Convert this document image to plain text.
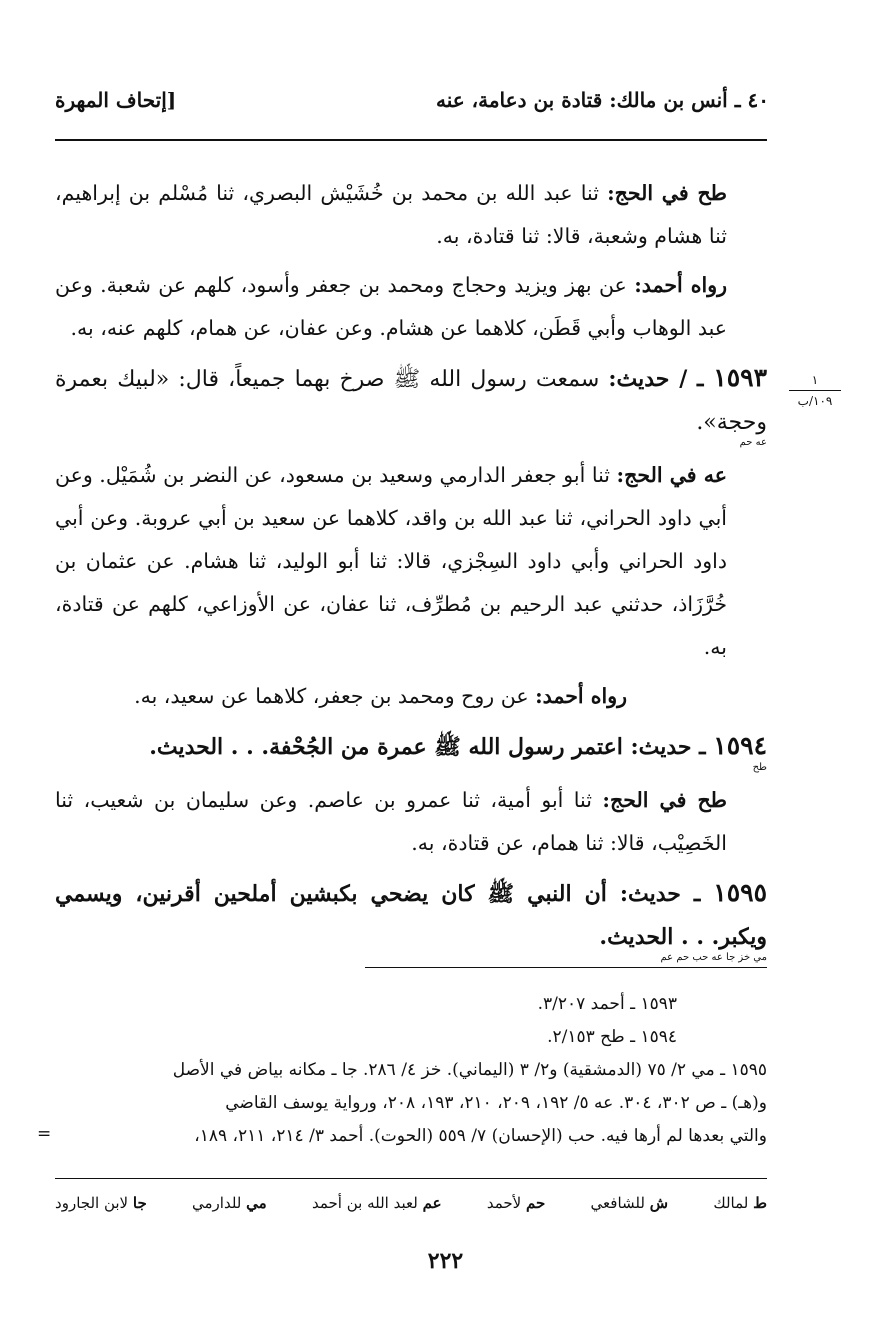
٤٠ ـ أنس بن مالك: قتادة بن دعامة، عنه
[إتحاف المهرة
١
١٠٩/ب

طح في الحج: ثنا عبد الله بن محمد بن خُشَيْش البصري، ثنا مُسْلم بن إبراهيم، ثنا هشام وشعبة، قالا: ثنا قتادة، به.

رواه أحمد: عن بهز ويزيد وحجاج ومحمد بن جعفر وأسود، كلهم عن شعبة. وعن عبد الوهاب وأبي قَطَن، كلاهما عن هشام. وعن عفان، عن همام، كلهم عنه، به.

١٥٩٣ ـ / حديث: سمعت رسول الله ﷺ صرخ بهما جميعاً، قال: «لبيك بعمرة وحجة».
عه حم

عه في الحج: ثنا أبو جعفر الدارمي وسعيد بن مسعود، عن النضر بن شُمَيْل. وعن أبي داود الحراني، ثنا عبد الله بن واقد، كلاهما عن سعيد بن أبي عروبة. وعن أبي داود الحراني وأبي داود السِجْزي، قالا: ثنا أبو الوليد، ثنا هشام. عن عثمان بن خُرَّزَاذ، حدثني عبد الرحيم بن مُطرِّف، ثنا عفان، عن الأوزاعي، كلهم عن قتادة، به.

رواه أحمد: عن روح ومحمد بن جعفر، كلاهما عن سعيد، به.

١٥٩٤ ـ حديث: اعتمر رسول الله ﷺ عمرة من الجُحْفة. . . الحديث.
طح

طح في الحج: ثنا أبو أمية، ثنا عمرو بن عاصم. وعن سليمان بن شعيب، ثنا الخَصِيْب، قالا: ثنا همام، عن قتادة، به.

١٥٩٥ ـ حديث: أن النبي ﷺ كان يضحي بكبشين أملحين أقرنين، ويسمي ويكبر. . . الحديث.
مي خز جا عه حب حم عم

١٥٩٣ ـ أحمد ٣/٢٠٧.

١٥٩٤ ـ طح ٢/١٥٣.

١٥٩٥ ـ مي ٢/ ٧٥ (الدمشقية) و٢/ ٣ (اليماني). خز ٤/ ٢٨٦. جا ـ مكانه بياض في الأصل

و(هـ) ـ ص ٣٠٢، ٣٠٤. عه ٥/ ١٩٢، ٢٠٩، ٢١٠، ١٩٣، ٢٠٨، ورواية يوسف القاضي

والتي بعدها لم أرها فيه. حب (الإحسان) ٧/ ٥٥٩ (الحوت). أحمد ٣/ ٢١٤، ٢١١، ١٨٩،

=
ط لمالك
ش للشافعي
حم لأحمد
عم لعبد الله بن أحمد
مي للدارمي
جا لابن الجارود
٢٢٢
